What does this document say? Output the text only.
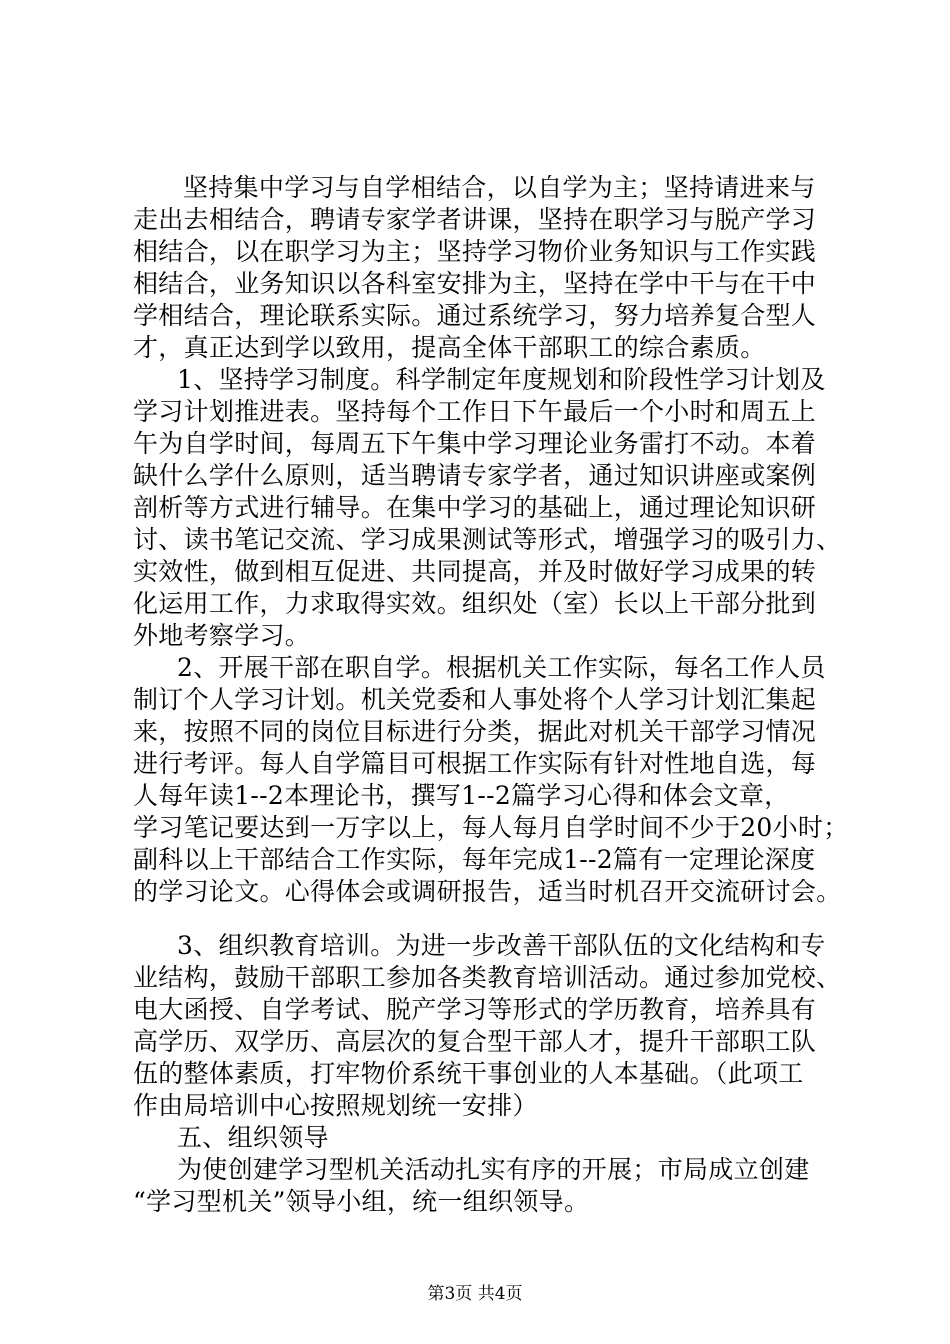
坚持集中学习与自学相结合，以自学为主；坚持请进来与
走出去相结合，聘请专家学者讲课，坚持在职学习与脱产学习
相结合，以在职学习为主；坚持学习物价业务知识与工作实践
相结合，业务知识以各科室安排为主，坚持在学中干与在干中
学相结合，理论联系实际。通过系统学习，努力培养复合型人
才，真正达到学以致用，提高全体干部职工的综合素质。
1、坚持学习制度。科学制定年度规划和阶段性学习计划及
学习计划推进表。坚持每个工作日下午最后一个小时和周五上
午为自学时间，每周五下午集中学习理论业务雷打不动。本着
缺什么学什么原则，适当聘请专家学者，通过知识讲座或案例
剖析等方式进行辅导。在集中学习的基础上，通过理论知识研
讨、读书笔记交流、学习成果测试等形式，增强学习的吸引力、
实效性，做到相互促进、共同提高，并及时做好学习成果的转
化运用工作，力求取得实效。组织处（室）长以上干部分批到
外地考察学习。
2、开展干部在职自学。根据机关工作实际，每名工作人员
制订个人学习计划。机关党委和人事处将个人学习计划汇集起
来，按照不同的岗位目标进行分类，据此对机关干部学习情况
进行考评。每人自学篇目可根据工作实际有针对性地自选，每
人每年读1--2本理论书，撰写1--2篇学习心得和体会文章，
学习笔记要达到一万字以上，每人每月自学时间不少于20小时；
副科以上干部结合工作实际，每年完成1--2篇有一定理论深度
的学习论文。心得体会或调研报告，适当时机召开交流研讨会。
3、组织教育培训。为进一步改善干部队伍的文化结构和专
业结构，鼓励干部职工参加各类教育培训活动。通过参加党校、
电大函授、自学考试、脱产学习等形式的学历教育，培养具有
高学历、双学历、高层次的复合型干部人才，提升干部职工队
伍的整体素质，打牢物价系统干事创业的人本基础。（此项工
作由局培训中心按照规划统一安排）
五、组织领导
为使创建学习型机关活动扎实有序的开展；市局成立创建
“学习型机关”领导小组，统一组织领导。
第3页 共4页
